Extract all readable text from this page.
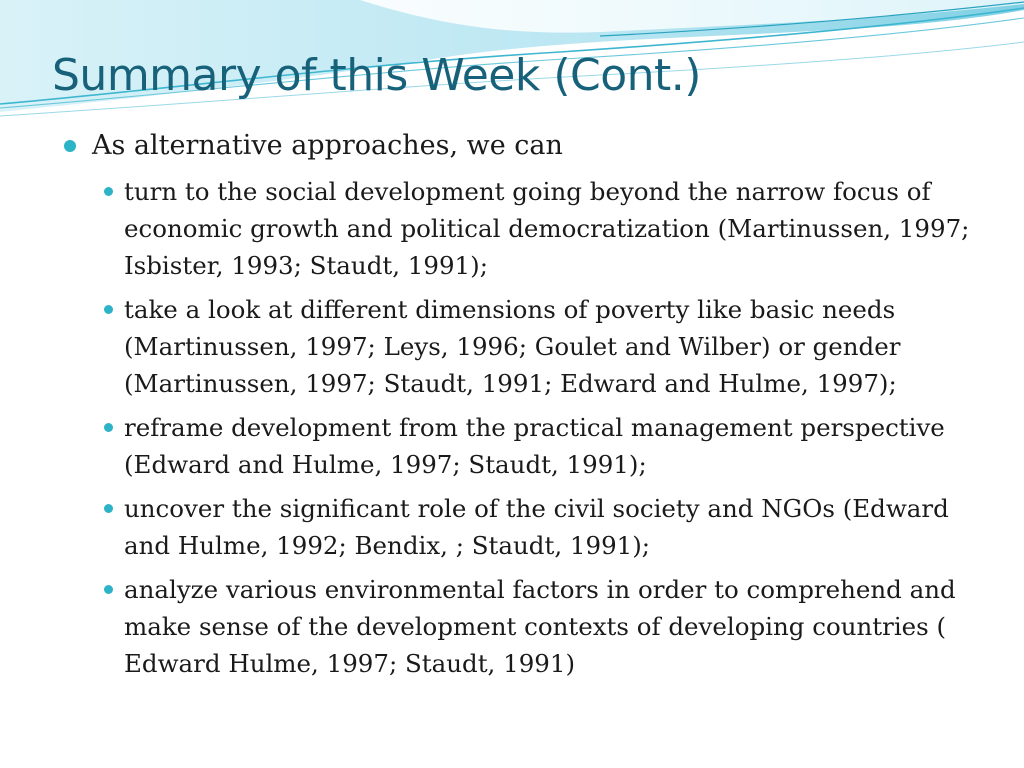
Summary of this Week (Cont.)
As alternative approaches, we can
turn to the social development going beyond the narrow focus of economic growth and political democratization (Martinussen, 1997; Isbister, 1993; Staudt, 1991);
take a look at different dimensions of poverty like basic needs (Martinussen, 1997; Leys, 1996; Goulet and Wilber) or gender (Martinussen, 1997; Staudt, 1991; Edward and Hulme, 1997);
reframe development from the practical management perspective (Edward and Hulme, 1997; Staudt, 1991);
uncover the significant role of the civil society and NGOs (Edward and Hulme, 1992; Bendix, ; Staudt, 1991);
analyze various environmental factors in order to comprehend and make sense of the development contexts of developing countries ( Edward Hulme, 1997; Staudt, 1991)
